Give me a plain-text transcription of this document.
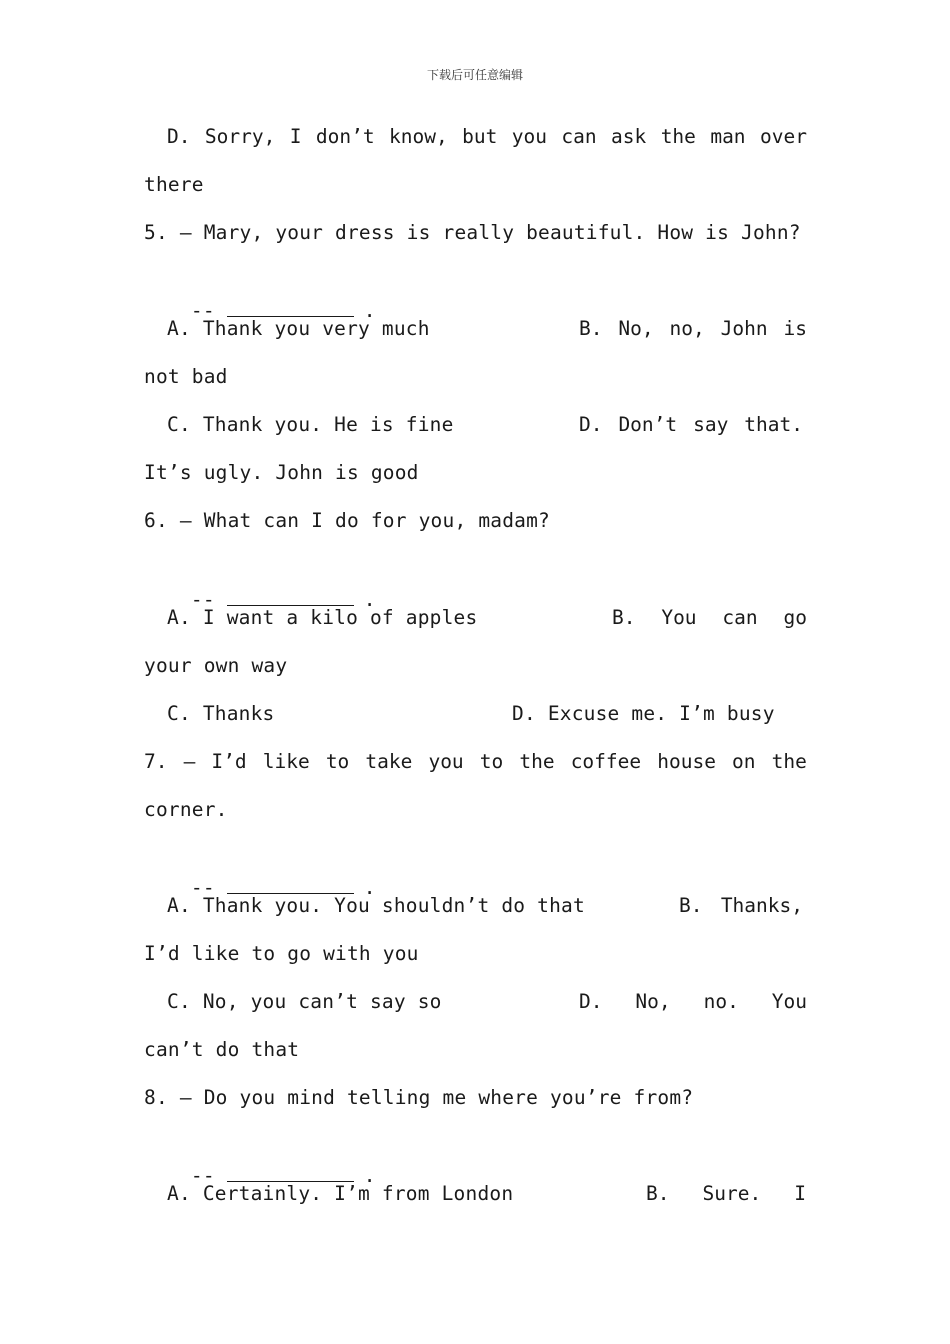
下载后可任意编辑
D. Sorry, I don’t know, but you can ask the man over
there
5. – Mary, your dress is really beautiful. How is John?

--	.

A. Thank you very much	B. No, no, John is
not bad
C. Thank you. He is fine	D. Don’t say that.
It’s ugly. John is good
6. – What can I do for you, madam?

--	.

A. I want a kilo of apples	B. You can go
your own way
C. Thanks	D. Excuse me. I’m busy
7. – I’d like to take you to the coffee house on the
corner.

--	.

A. Thank you. You shouldn’t do that	B. Thanks,
I’d like to go with you
C. No, you can’t say so	D. No, no. You
can’t do that
8. – Do you mind telling me where you’re from?

--	.

A. Certainly. I’m from London	B. Sure. I
